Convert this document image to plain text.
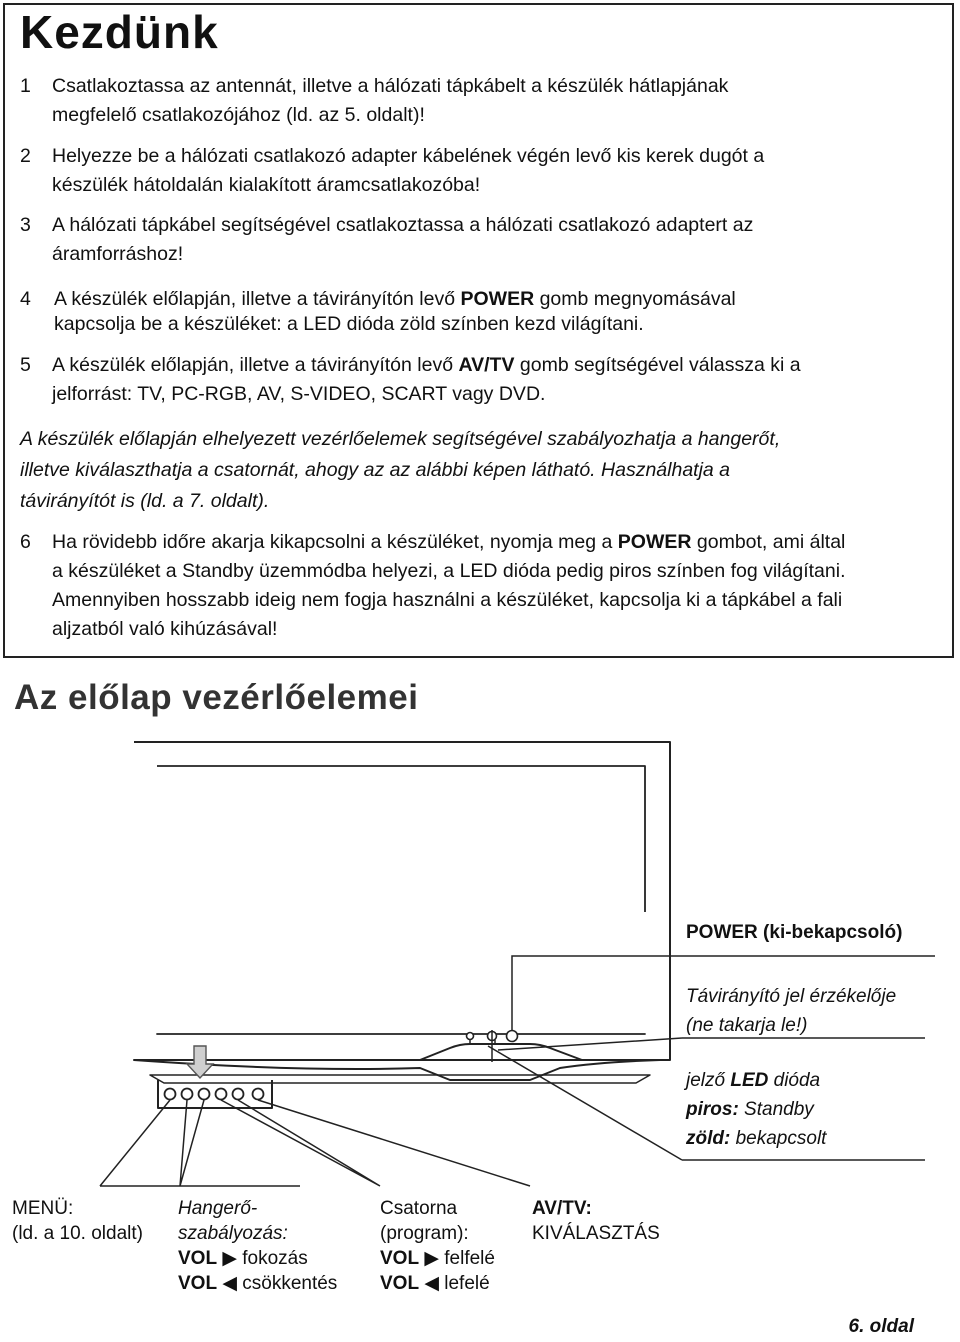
Kezdünk
1 Csatlakoztassa az antennát, illetve a hálózati tápkábelt a készülék hátlapjának
megfelelő csatlakozójához (ld. az 5. oldalt)!
2 Helyezze be a hálózati csatlakozó adapter kábelének végén levő kis kerek dugót a
készülék hátoldalán kialakított áramcsatlakozóba!
3 A hálózati tápkábel segítségével csatlakoztassa a hálózati csatlakozó adaptert az
áramforráshoz!
4 A készülék előlapján, illetve a távirányítón levő POWER gomb megnyomásával
kapcsolja be a készüléket: a LED dióda zöld színben kezd világítani.
5 A készülék előlapján, illetve a távirányítón levő AV/TV gomb segítségével válassza ki a
jelforrást: TV, PC-RGB, AV, S-VIDEO, SCART vagy DVD.
A készülék előlapján elhelyezett vezérlőelemek segítségével szabályozhatja a hangerőt,
illetve kiválaszthatja a csatornát, ahogy az az alábbi képen látható. Használhatja a
távirányítót is (ld. a 7. oldalt).
6 Ha rövidebb időre akarja kikapcsolni a készüléket, nyomja meg a POWER gombot, ami által
a készüléket a Standby üzemmódba helyezi, a LED dióda pedig piros színben fog világítani.
Amennyiben hosszabb ideig nem fogja használni a készüléket, kapcsolja ki a tápkábel a fali
aljzatból való kihúzásával!
Az előlap vezérlőelemei
POWER (ki-bekapcsoló)
Távirányító jel érzékelője
(ne takarja le!)
jelző LED dióda
piros: Standby
zöld: bekapcsolt
MENÜ:
(ld. a 10. oldalt)
Hangerő-
szabályozás:
VOL ▶ fokozás
VOL ◀ csökkentés
Csatorna
(program):
VOL ▶ felfelé
VOL ◀ lefelé
AV/TV:
KIVÁLASZTÁS
6. oldal
